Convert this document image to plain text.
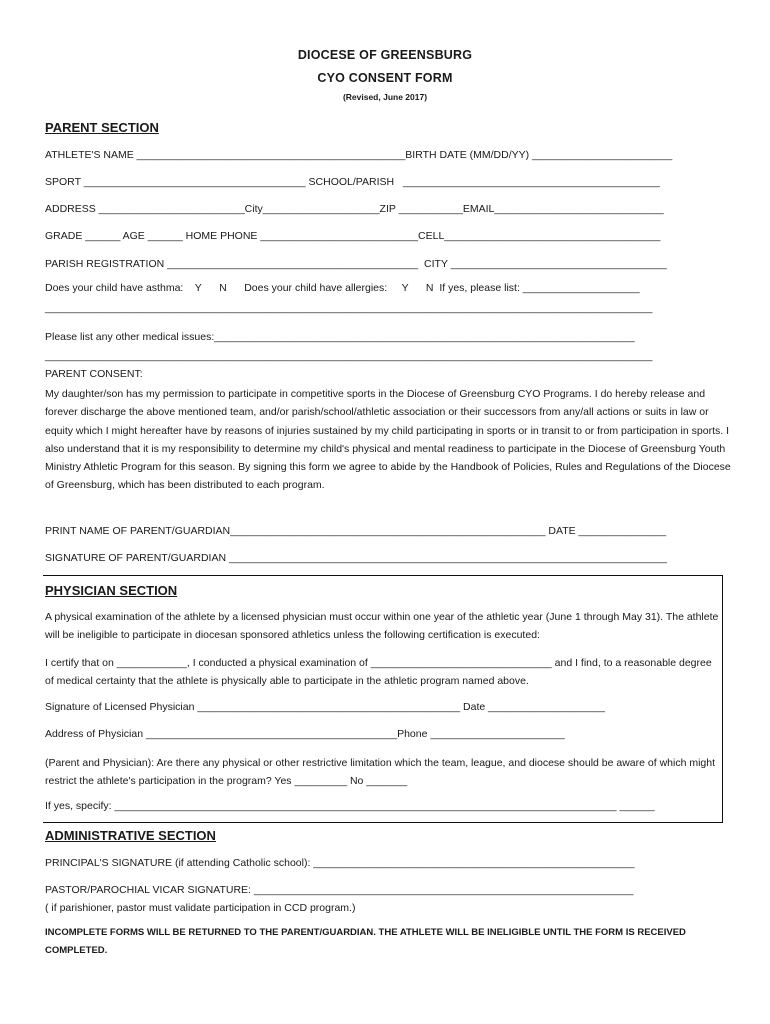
DIOCESE OF GREENSBURG
CYO CONSENT FORM
(Revised, June 2017)
PARENT SECTION
ATHLETE'S NAME ______________________________________________BIRTH DATE (MM/DD/YY) ________________________
SPORT ______________________________________ SCHOOL/PARISH   ____________________________________________
ADDRESS _________________________City____________________ZIP ___________EMAIL_____________________________
GRADE ______ AGE ______ HOME PHONE ___________________________CELL_____________________________________
PARISH REGISTRATION ___________________________________________  CITY _____________________________________
Does your child have asthma:    Y      N      Does your child have allergies:     Y      N  If yes, please list: ____________________
________________________________________________________________________________________________________
Please list any other medical issues:________________________________________________________________________
________________________________________________________________________________________________________
PARENT CONSENT:
My daughter/son has my permission to participate in competitive sports in the Diocese of Greensburg CYO Programs. I do hereby release and forever discharge the above mentioned team, and/or parish/school/athletic association or their successors from any/all actions or suits in law or equity which I might hereafter have by reasons of injuries sustained by my child participating in sports or in transit to or from participation in sports. I also understand that it is my responsibility to determine my child's physical and mental readiness to participate in the Diocese of Greensburg Youth Ministry Athletic Program for this season. By signing this form we agree to abide by the Handbook of Policies, Rules and Regulations of the Diocese of Greensburg, which has been distributed to each program.
PRINT NAME OF PARENT/GUARDIAN______________________________________________________ DATE _______________
SIGNATURE OF PARENT/GUARDIAN ___________________________________________________________________________
PHYSICIAN SECTION
A physical examination of the athlete by a licensed physician must occur within one year of the athletic year (June 1 through May 31). The athlete will be ineligible to participate in diocesan sponsored athletics unless the following certification is executed:
I certify that on ____________, I conducted a physical examination of _______________________________ and I find, to a reasonable degree of medical certainty that the athlete is physically able to participate in the athletic program named above.
Signature of Licensed Physician _____________________________________________ Date ____________________
Address of Physician ___________________________________________Phone _______________________
(Parent and Physician): Are there any physical or other restrictive limitation which the team, league, and diocese should be aware of which might restrict the athlete's participation in the program? Yes _________ No _______
If yes, specify: ______________________________________________________________________________________ ______
ADMINISTRATIVE SECTION
PRINCIPAL'S SIGNATURE (if attending Catholic school): _______________________________________________________
PASTOR/PAROCHIAL VICAR SIGNATURE: _________________________________________________________________
( if parishioner, pastor must validate participation in CCD program.)
INCOMPLETE FORMS WILL BE RETURNED TO THE PARENT/GUARDIAN. THE ATHLETE WILL BE INELIGIBLE UNTIL THE FORM IS RECEIVED COMPLETED.
